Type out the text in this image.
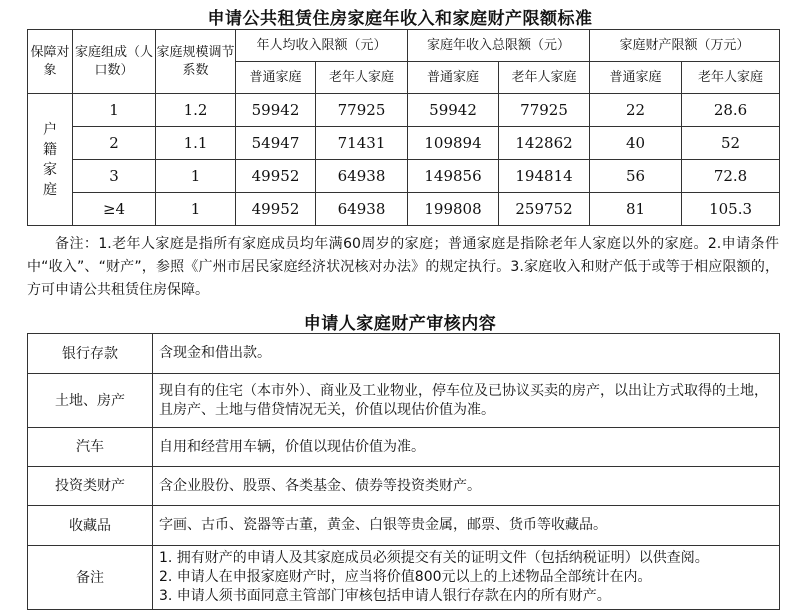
申请公共租赁住房家庭年收入和家庭财产限额标准
保障对象	家庭组成（人口数）	家庭规模调节系数	年人均收入限额（元）		家庭年收入总限额（元）		家庭财产限额（万元）	
			普通家庭	老年人家庭	普通家庭	老年人家庭	普通家庭	老年人家庭
户籍家庭	1	1.2	59942	77925	59942	77925	22	28.6
	2	1.1	54947	71431	109894	142862	40	52
	3	1	49952	64938	149856	194814	56	72.8
	≥4	1	49952	64938	199808	259752	81	105.3
备注：1.老年人家庭是指所有家庭成员均年满60周岁的家庭；普通家庭是指除老年人家庭以外的家庭。2.申请条件中“收入”、“财产”，参照《广州市居民家庭经济状况核对办法》的规定执行。3.家庭收入和财产低于或等于相应限额的，方可申请公共租赁住房保障。
申请人家庭财产审核内容
银行存款	含现金和借出款。
土地、房产	现自有的住宅（本市外）、商业及工业物业，停车位及已协议买卖的房产，以出让方式取得的土地，且房产、土地与借贷情况无关，价值以现估价值为准。
汽车	自用和经营用车辆，价值以现估价值为准。
投资类财产	含企业股份、股票、各类基金、债券等投资类财产。
收藏品	字画、古币、瓷器等古董，黄金、白银等贵金属，邮票、货币等收藏品。
备注	1. 拥有财产的申请人及其家庭成员必须提交有关的证明文件（包括纳税证明）以供查阅。
2. 申请人在申报家庭财产时，应当将价值800元以上的上述物品全部统计在内。
3. 申请人须书面同意主管部门审核包括申请人银行存款在内的所有财产。
